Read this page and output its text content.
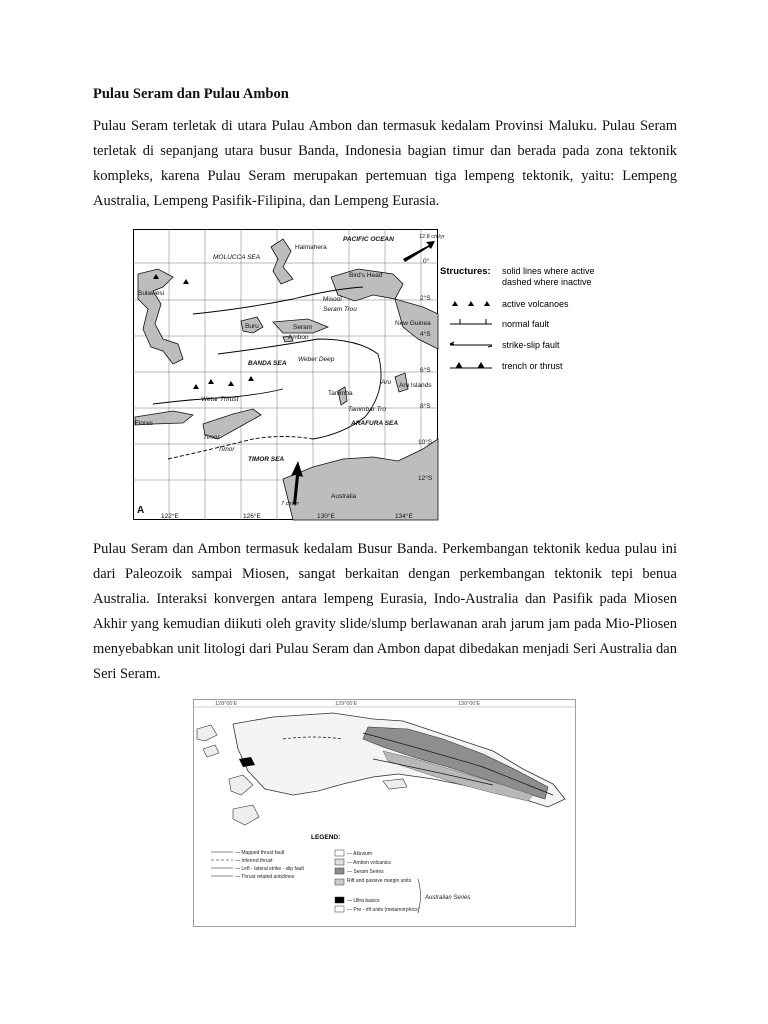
Pulau Seram dan Pulau Ambon

Pulau Seram terletak di utara Pulau Ambon dan termasuk kedalam Provinsi Maluku. Pulau Seram terletak di sepanjang utara busur Banda, Indonesia bagian timur dan berada pada zona tektonik kompleks, karena Pulau Seram merupakan pertemuan tiga lempeng tektonik, yaitu: Lempeng Australia, Lempeng Pasifik-Filipina, dan Lempeng Eurasia.

PACIFIC OCEAN	12.8 cm/yr
Halmahera
MOLUCCA SEA
Sulawesi
Bird's Head
Misool
Buru	Seram
Ambon
Seram Trou
New Guinea
BANDA SEA
Weber Deep
Aru Aru Islands
Tanimba
Tanimbar Tro
Wetar Thrust
Flores
Timor
Timor
TIMOR SEA
ARAFURA SEA
Australia
7 cm/yr
A
0°
2°S
4°S
6°S
8°S
10°S
12°S
122°E	126°E	130°E	134°E
Structures: solid lines where active
dashed where inactive
active volcanoes
normal fault
strike-slip fault
trench or thrust

Pulau Seram dan Ambon termasuk kedalam Busur Banda. Perkembangan tektonik kedua pulau ini dari Paleozoik sampai Miosen, sangat berkaitan dengan perkembangan tektonik tepi benua Australia. Interaksi konvergen antara lempeng Eurasia, Indo-Australia dan Pasifik pada Miosen Akhir yang kemudian diikuti oleh gravity slide/slump berlawanan arah jarum jam pada Mio-Pliosen menyebabkan unit litologi dari Pulau Seram dan Ambon dapat dibedakan menjadi Seri Australia dan Seri Seram.

128°00'E	129°00'E	130°00'E
LEGEND:
— Mapped thrust fault
— Inferred thrust
— Left - lateral strike - slip fault
— Thrust related anticlines
— Alluvium
— Ambon volcanics
— Seram Series
Rift and passive margin units
— Ultra basics
— Pre - rift units (metamorphics)
Australian Series
